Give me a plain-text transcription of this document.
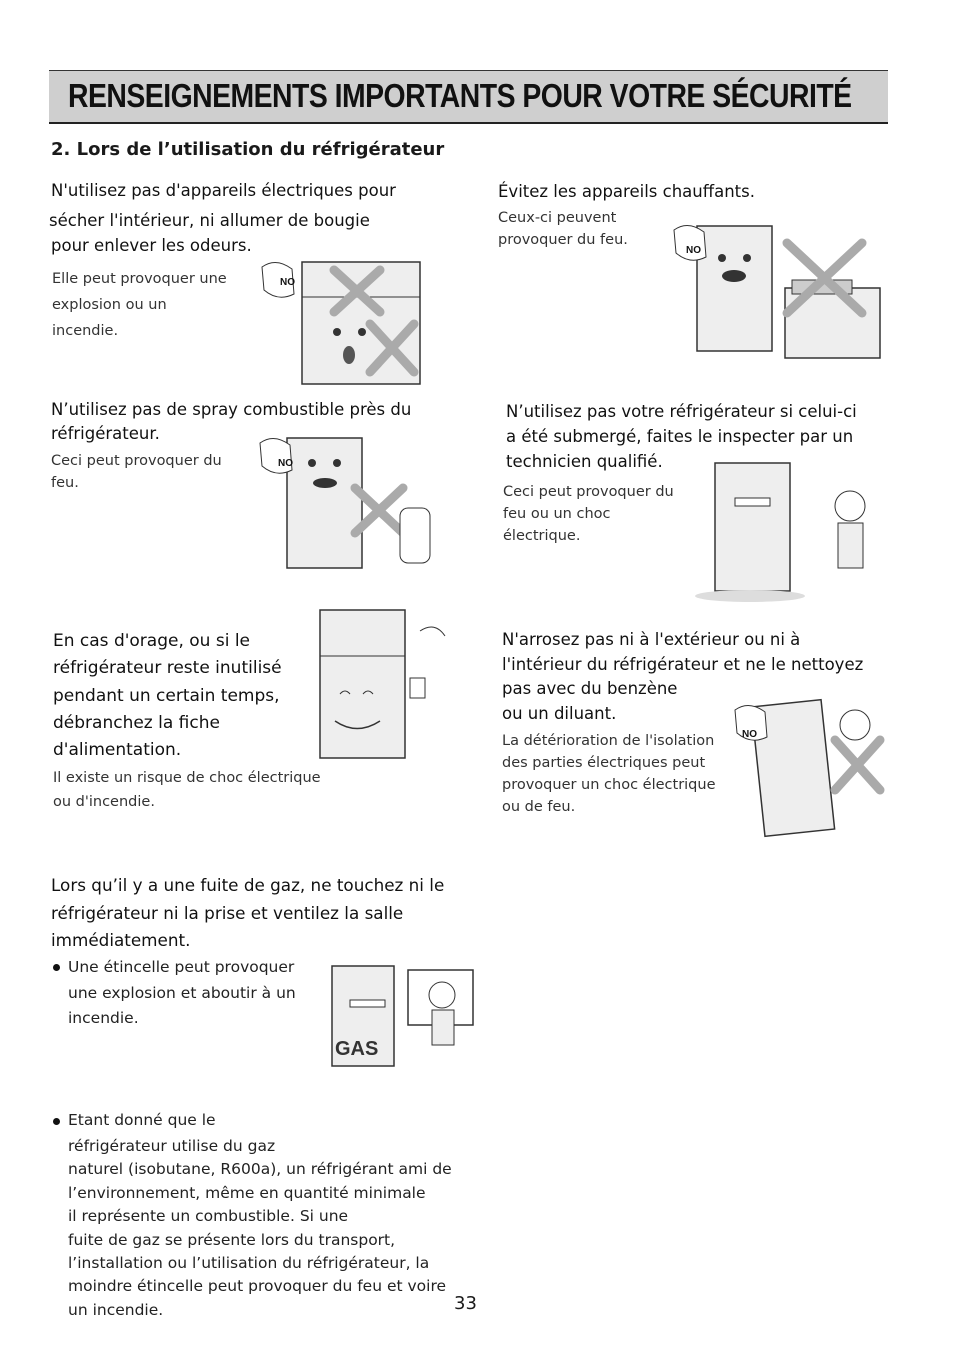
RENSEIGNEMENTS IMPORTANTS POUR VOTRE SÉCURITÉ
2. Lors de l’utilisation du réfrigérateur
N'utilisez pas d'appareils électriques pour
sécher l'intérieur, ni allumer de bougie
pour enlever les odeurs.
Elle peut provoquer une
explosion ou un
incendie.
NO
Évitez les appareils chauffants.
Ceux-ci peuvent
provoquer du feu.
NO
N’utilisez pas de spray combustible près du
réfrigérateur.
Ceci peut provoquer du
feu.
NO
N’utilisez pas votre réfrigérateur si celui-ci
a été submergé, faites le inspecter par un
technicien qualifié.
Ceci peut provoquer du
feu ou un choc
électrique.
En cas d'orage, ou si le
réfrigérateur reste inutilisé
pendant un certain temps,
débranchez la fiche
d'alimentation.
Il existe un risque de choc électrique
ou d'incendie.
N'arrosez pas ni à l'extérieur ou ni à
l'intérieur du réfrigérateur et ne le nettoyez
pas avec du benzène
ou un diluant.
La détérioration de l'isolation
des parties électriques peut
provoquer un choc électrique
ou de feu.
NO
Lors qu’il y a une fuite de gaz, ne touchez ni le
réfrigérateur ni la prise et ventilez la salle
immédiatement.
Une étincelle peut provoquer
une explosion et aboutir à un
incendie.
Etant donné que le
réfrigérateur utilise du gaz
naturel (isobutane, R600a), un réfrigérant ami de
l’environnement, même en quantité minimale
il représente un combustible. Si une
fuite de gaz se présente lors du transport,
l’installation ou l’utilisation du réfrigérateur, la
moindre étincelle peut provoquer du feu et voire
un incendie.
GAS
33
